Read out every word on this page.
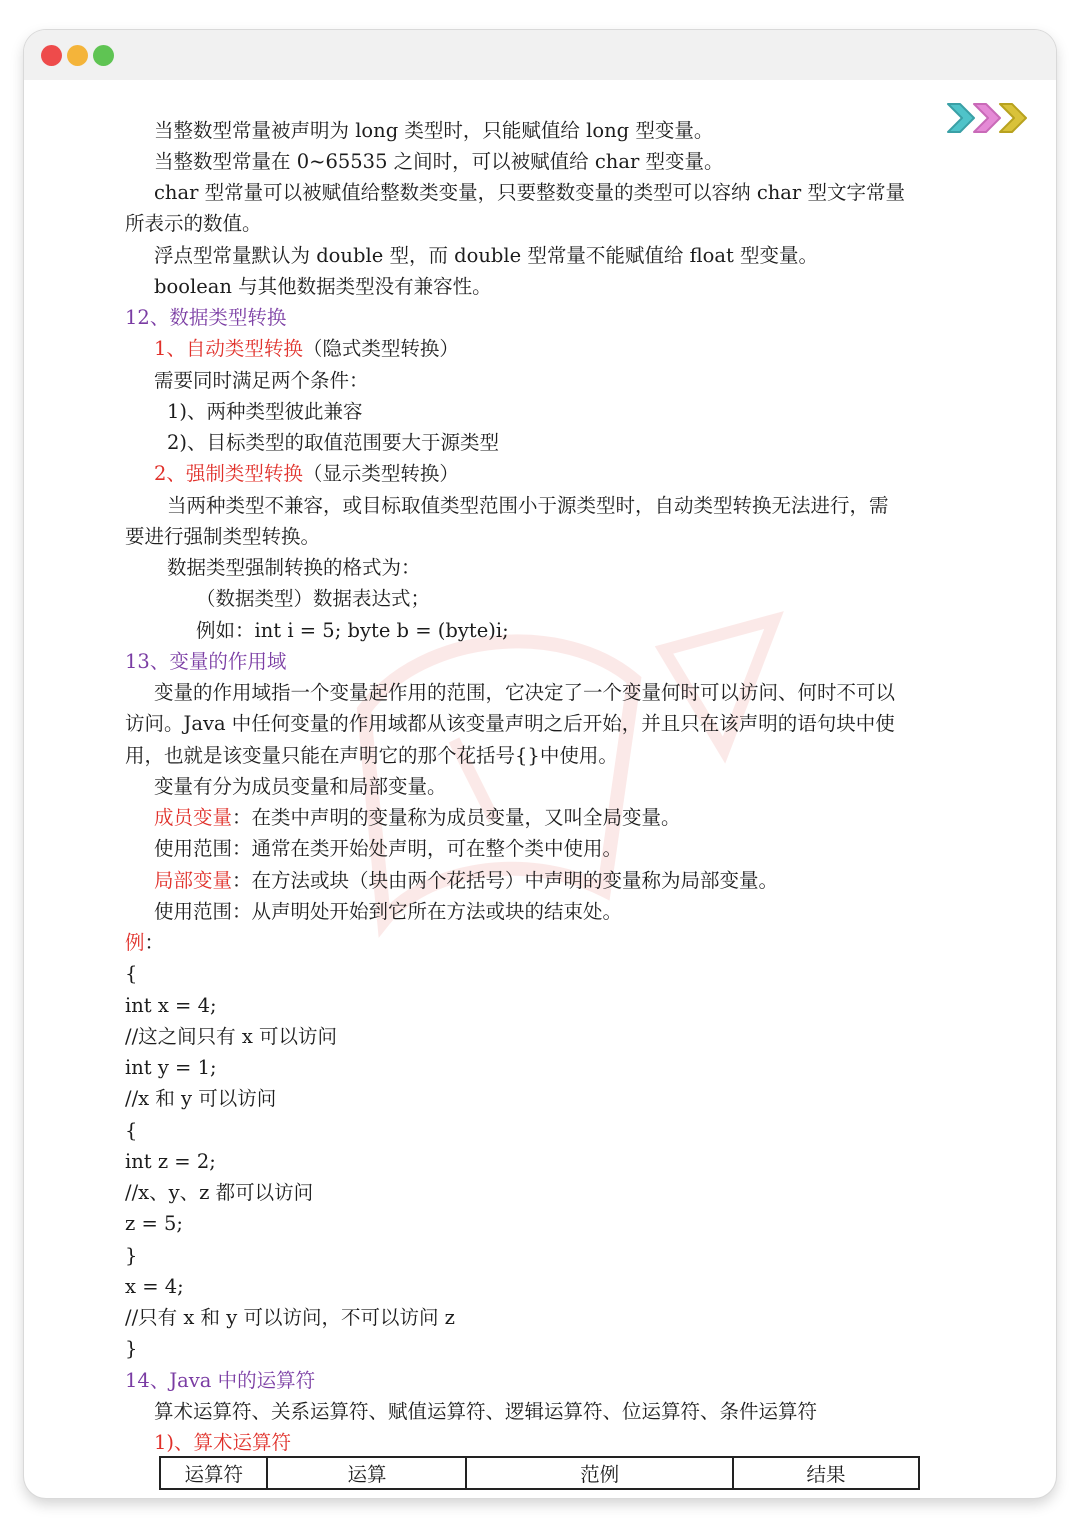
当整数型常量被声明为 long 类型时，只能赋值给 long 型变量。
当整数型常量在 0~65535 之间时，可以被赋值给 char 型变量。
char 型常量可以被赋值给整数类变量，只要整数变量的类型可以容纳 char 型文字常量
所表示的数值。
浮点型常量默认为 double 型，而 double 型常量不能赋值给 float 型变量。
boolean 与其他数据类型没有兼容性。
12、数据类型转换
1、自动类型转换（隐式类型转换）
需要同时满足两个条件：
1)、两种类型彼此兼容
2)、目标类型的取值范围要大于源类型
2、强制类型转换（显示类型转换）
当两种类型不兼容，或目标取值类型范围小于源类型时，自动类型转换无法进行，需
要进行强制类型转换。
数据类型强制转换的格式为：
（数据类型）数据表达式；
例如：int i = 5; byte b = (byte)i;
13、变量的作用域
变量的作用域指一个变量起作用的范围，它决定了一个变量何时可以访问、何时不可以
访问。Java 中任何变量的作用域都从该变量声明之后开始，并且只在该声明的语句块中使
用，也就是该变量只能在声明它的那个花括号{}中使用。
变量有分为成员变量和局部变量。
成员变量：在类中声明的变量称为成员变量，又叫全局变量。
使用范围：通常在类开始处声明，可在整个类中使用。
局部变量：在方法或块（块由两个花括号）中声明的变量称为局部变量。
使用范围：从声明处开始到它所在方法或块的结束处。
例：
{
int x = 4;
//这之间只有 x 可以访问
int y = 1;
//x 和 y 可以访问
{
int z = 2;
//x、y、z 都可以访问
z = 5;
}
x = 4;
//只有 x 和 y 可以访问，不可以访问 z
}
14、Java 中的运算符
算术运算符、关系运算符、赋值运算符、逻辑运算符、位运算符、条件运算符
1)、算术运算符
运算符	运算	范例	结果
